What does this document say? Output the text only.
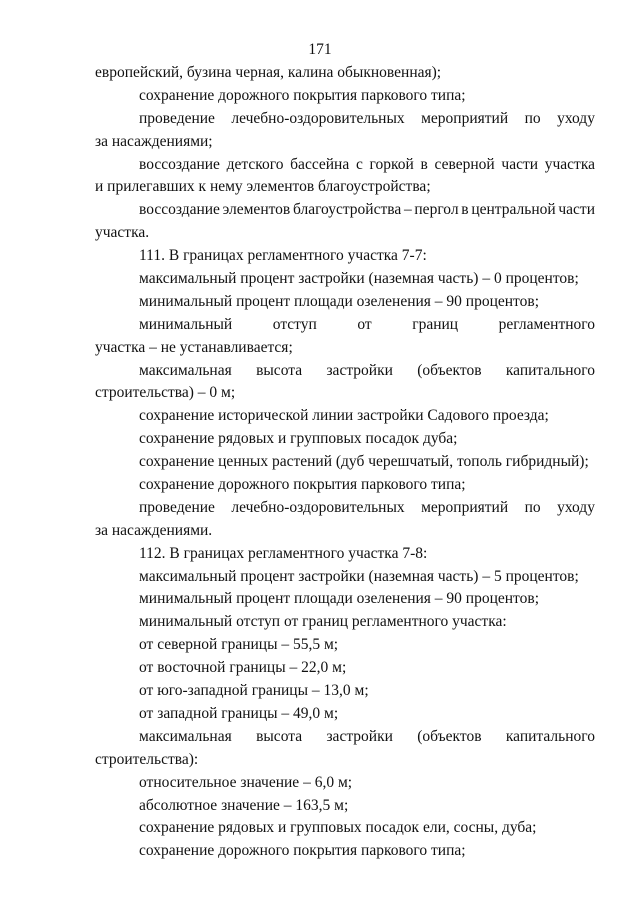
171
европейский, бузина черная, калина обыкновенная);
сохранение дорожного покрытия паркового типа;
проведение лечебно-оздоровительных мероприятий по уходу
за насаждениями;
воссоздание детского бассейна с горкой в северной части участка
и прилегавших к нему элементов благоустройства;
воссоздание элементов благоустройства – пергол в центральной части
участка.
111. В границах регламентного участка 7-7:
максимальный процент застройки (наземная часть) – 0 процентов;
минимальный процент площади озеленения – 90 процентов;
минимальный	отступ	от	границ	регламентного
участка – не устанавливается;
максимальная высота застройки (объектов капитального
строительства) – 0 м;
сохранение исторической линии застройки Садового проезда;
сохранение рядовых и групповых посадок дуба;
сохранение ценных растений (дуб черешчатый, тополь гибридный);
сохранение дорожного покрытия паркового типа;
проведение лечебно-оздоровительных мероприятий по уходу
за насаждениями.
112. В границах регламентного участка 7-8:
максимальный процент застройки (наземная часть) – 5 процентов;
минимальный процент площади озеленения – 90 процентов;
минимальный отступ от границ регламентного участка:
от северной границы – 55,5 м;
от восточной границы – 22,0 м;
от юго-западной границы – 13,0 м;
от западной границы – 49,0 м;
максимальная высота застройки (объектов капитального
строительства):
относительное значение – 6,0 м;
абсолютное значение – 163,5 м;
сохранение рядовых и групповых посадок ели, сосны, дуба;
сохранение дорожного покрытия паркового типа;
